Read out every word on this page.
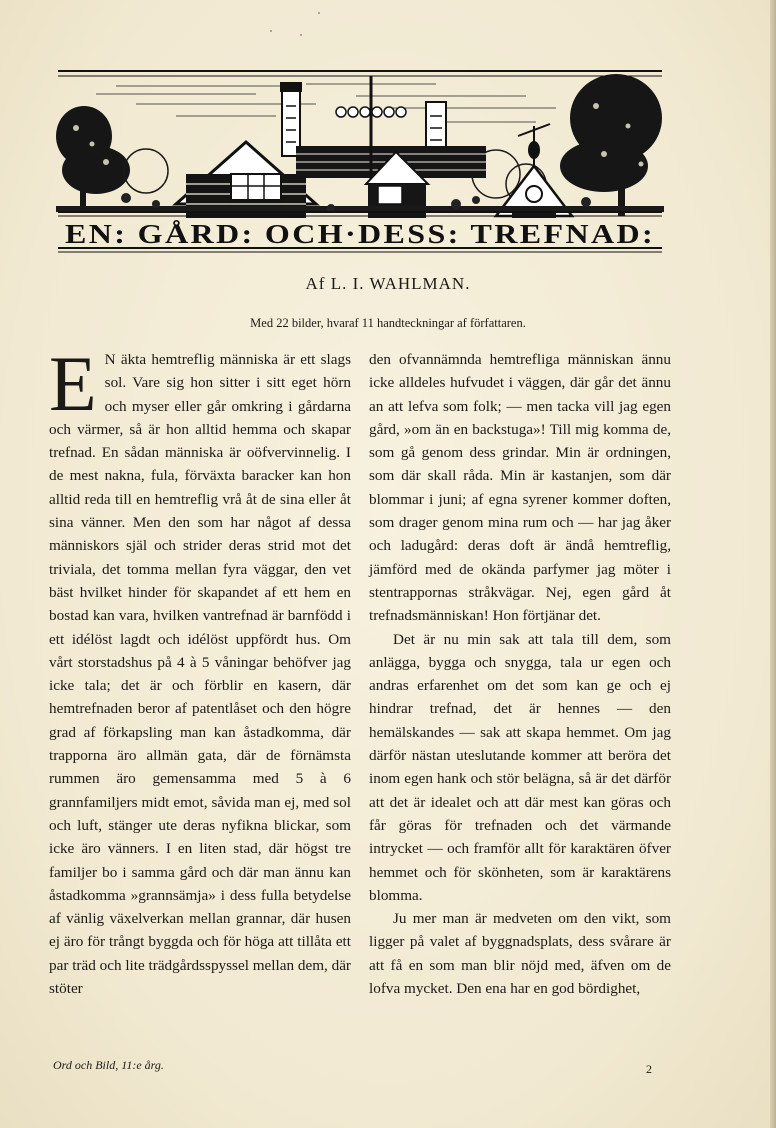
EN: GÅRD: OCH·DESS: TREFNAD:
Af L. I. WAHLMAN.
Med 22 bilder, hvaraf 11 handteckningar af författaren.

E N äkta hemtreflig människa är ett slags sol. Vare sig hon sitter i sitt eget hörn och myser eller går omkring i gårdarna och värmer, så är hon alltid hemma och skapar trefnad. En sådan människa är oöfvervinnelig. I de mest nakna, fula, förväxta baracker kan hon alltid reda till en hemtreflig vrå åt de sina eller åt sina vänner. Men den som har något af dessa människors själ och strider deras strid mot det triviala, det tomma mellan fyra väggar, den vet bäst hvilket hinder för skapandet af ett hem en bostad kan vara, hvilken vantrefnad är barnfödd i ett idélöst lagdt och idélöst uppfördt hus. Om vårt storstadshus på 4 à 5 våningar behöfver jag icke tala; det är och förblir en kasern, där hemtrefnaden beror af patentlåset och den högre grad af förkapsling man kan åstadkomma, där trapporna äro allmän gata, där de förnämsta rummen äro gemensamma med 5 à 6 grannfamiljers midt emot, såvida man ej, med sol och luft, stänger ute deras nyfikna blickar, som icke äro vänners. I en liten stad, där högst tre familjer bo i samma gård och där man ännu kan åstadkomma »grannsämja» i dess fulla betydelse af vänlig växelverkan mellan grannar, där husen ej äro för trångt byggda och för höga att tillåta ett par träd och lite trädgårdsspyssel mellan dem, där stöter

den ofvannämnda hemtrefliga människan ännu icke alldeles hufvudet i väggen, där går det ännu an att lefva som folk; — men tacka vill jag egen gård, »om än en backstuga»! Till mig komma de, som gå genom dess grindar. Min är ordningen, som där skall råda. Min är kastanjen, som där blommar i juni; af egna syrener kommer doften, som drager genom mina rum och — har jag åker och ladugård: deras doft är ändå hemtreflig, jämförd med de okända parfymer jag möter i stentrappornas stråkvägar. Nej, egen gård åt trefnadsmänniskan! Hon förtjänar det.

Det är nu min sak att tala till dem, som anlägga, bygga och snygga, tala ur egen och andras erfarenhet om det som kan ge och ej hindrar trefnad, det är hennes — den hemälskandes — sak att skapa hemmet. Om jag därför nästan uteslutande kommer att beröra det inom egen hank och stör belägna, så är det därför att det är idealet och att där mest kan göras och får göras för trefnaden och det värmande intrycket — och framför allt för karaktären öfver hemmet och för skönheten, som är karaktärens blomma.

Ju mer man är medveten om den vikt, som ligger på valet af byggnadsplats, dess svårare är att få en som man blir nöjd med, äfven om de lofva mycket. Den ena har en god bördighet,

Ord och Bild, 11:e årg.	2
